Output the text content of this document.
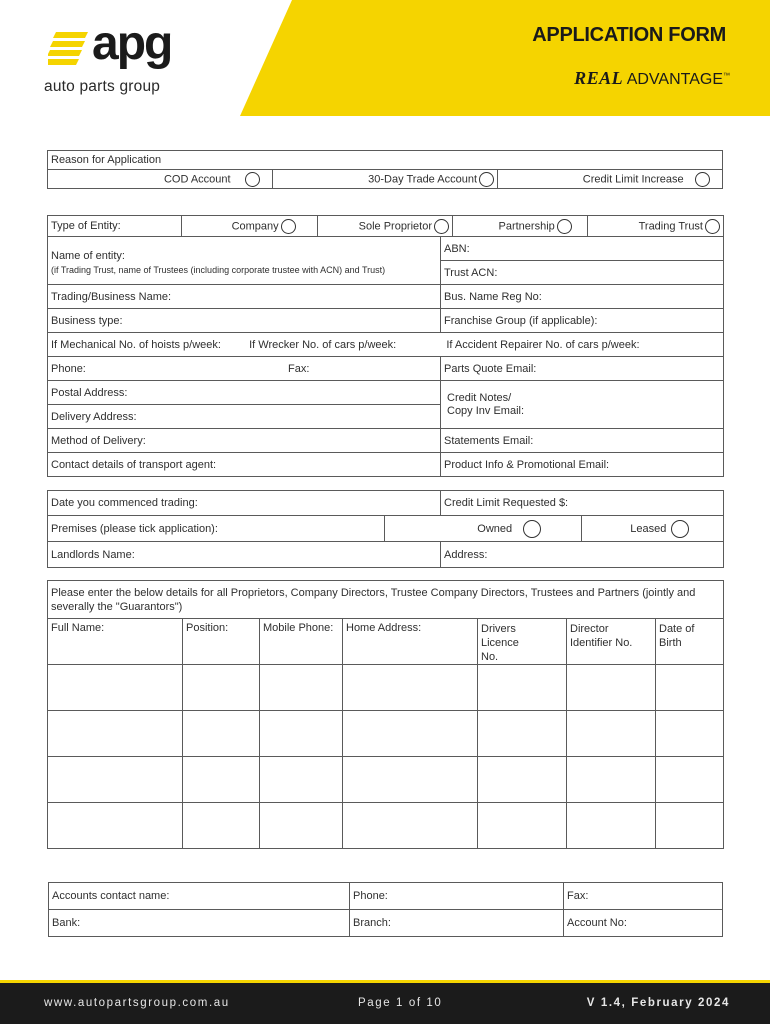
APPLICATION FORM
REAL ADVANTAGE™
apg
auto parts group
Reason for Application
COD Account	30-Day Trade Account	Credit Limit Increase
Type of Entity:	Company	Sole Proprietor	Partnership	Trading Trust
Name of entity:
(if Trading Trust, name of Trustees (including corporate trustee with ACN) and Trust)	ABN:
	Trust ACN:
Trading/Business Name:	Bus. Name Reg No:
Business type:	Franchise Group (if applicable):
If Mechanical No. of hoists p/week: If Wrecker No. of cars p/week: If Accident Repairer No. of cars p/week:	
Phone: Fax:	Parts Quote Email:
Postal Address:	Credit Notes/
Copy Inv Email:

Delivery Address:	
Method of Delivery:	Statements Email:
Contact details of transport agent:	Product Info & Promotional Email:
Date you commenced trading:		Credit Limit Requested $:	
Premises (please tick application):	Owned		Leased
Landlords Name:		Address:	
Please enter the below details for all Proprietors, Company Directors, Trustee Company Directors, Trustees and Partners (jointly and severally the "Guarantors")						
Full Name:	Position:	Mobile Phone:	Home Address:	Drivers Licence No.	Director Identifier No.	Date of Birth

Accounts contact name:	Phone:	Fax:
Bank:	Branch:	Account No:
www.autopartsgroup.com.au	Page 1 of 10	V 1.4, February 2024
